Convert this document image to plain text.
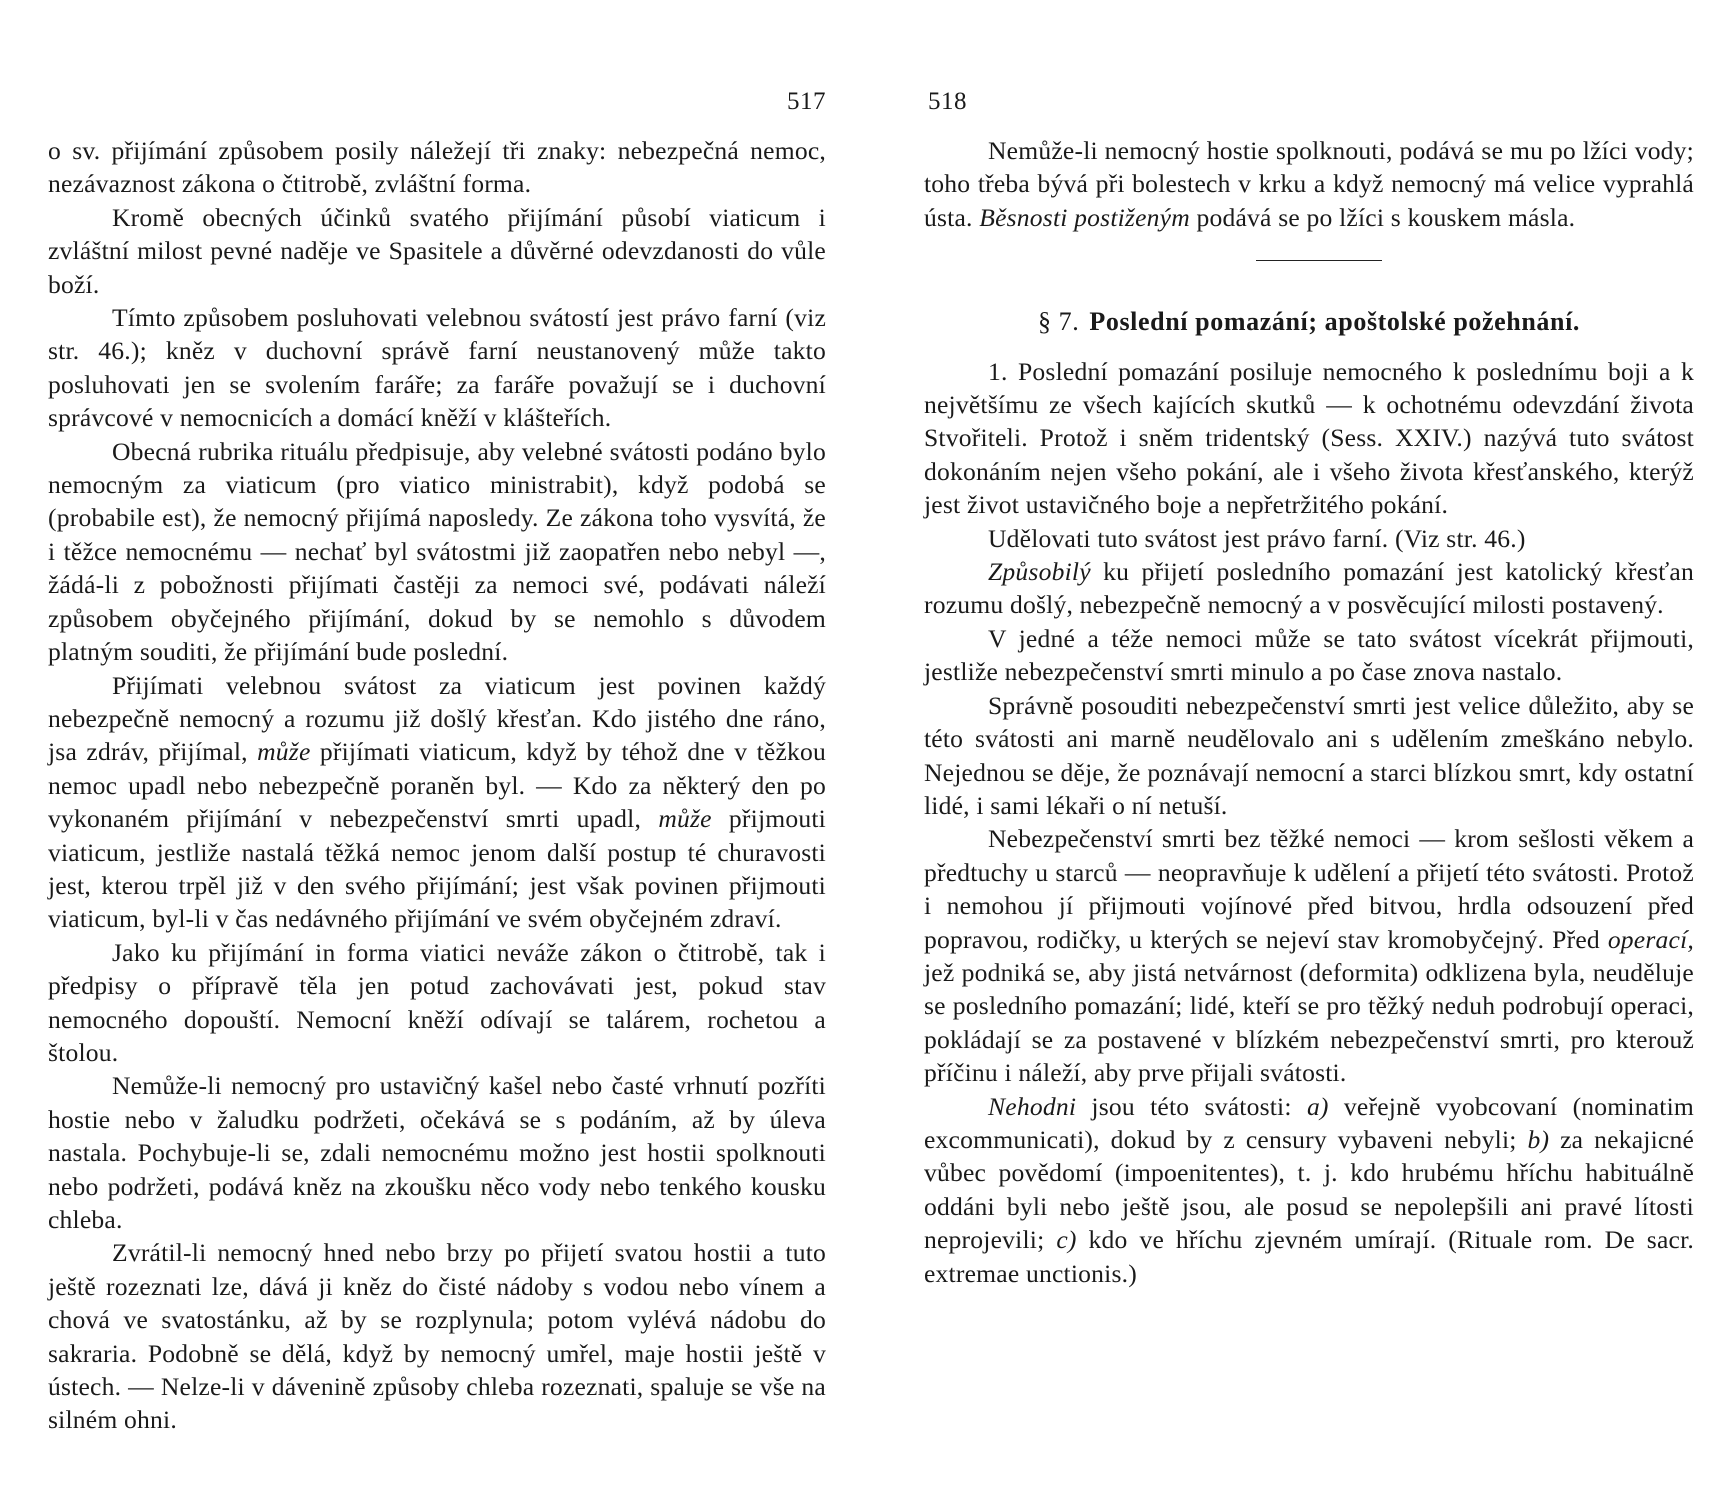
517

o sv. přijímání způsobem posily náležejí tři znaky: nebezpečná nemoc, nezávaznost zákona o čtitrobě, zvláštní forma.

Kromě obecných účinků svatého přijímání působí viaticum i zvláštní milost pevné naděje ve Spasitele a důvěrné odevzdanosti do vůle boží.

Tímto způsobem posluhovati velebnou svátostí jest právo farní (viz str. 46.); kněz v duchovní správě farní neustanovený může takto posluhovati jen se svolením faráře; za faráře považují se i duchovní správcové v nemocnicích a domácí kněží v klášteřích.

Obecná rubrika rituálu předpisuje, aby velebné svátosti podáno bylo nemocným za viaticum (pro viatico ministrabit), když podobá se (probabile est), že nemocný přijímá naposledy. Ze zákona toho vysvítá, že i těžce nemocnému — nechať byl svátostmi již zaopatřen nebo nebyl —, žádá-li z pobožnosti přijímati častěji za nemoci své, podávati náleží způsobem obyčejného přijímání, dokud by se nemohlo s důvodem platným souditi, že přijímání bude poslední.

Přijímati velebnou svátost za viaticum jest povinen každý nebezpečně nemocný a rozumu již došlý křesťan. Kdo jistého dne ráno, jsa zdráv, přijímal, může přijímati viaticum, když by téhož dne v těžkou nemoc upadl nebo nebezpečně poraněn byl. — Kdo za některý den po vykonaném přijímání v nebezpečenství smrti upadl, může přijmouti viaticum, jestliže nastalá těžká nemoc jenom další postup té churavosti jest, kterou trpěl již v den svého přijímání; jest však povinen přijmouti viaticum, byl-li v čas nedávného přijímání ve svém obyčejném zdraví.

Jako ku přijímání in forma viatici neváže zákon o čtitrobě, tak i předpisy o přípravě těla jen potud zachovávati jest, pokud stav nemocného dopouští. Nemocní kněží odívají se talárem, rochetou a štolou.

Nemůže-li nemocný pro ustavičný kašel nebo časté vrhnutí pozříti hostie nebo v žaludku podržeti, očekává se s podáním, až by úleva nastala. Pochybuje-li se, zdali nemocnému možno jest hostii spolknouti nebo podržeti, podává kněz na zkoušku něco vody nebo tenkého kousku chleba.

Zvrátil-li nemocný hned nebo brzy po přijetí svatou hostii a tuto ještě rozeznati lze, dává ji kněz do čisté nádoby s vodou nebo vínem a chová ve svatostánku, až by se rozplynula; potom vylévá nádobu do sakraria. Podobně se dělá, když by nemocný umřel, maje hostii ještě v ústech. — Nelze-li v dávenině způsoby chleba rozeznati, spaluje se vše na silném ohni.

518

Nemůže-li nemocný hostie spolknouti, podává se mu po lžíci vody; toho třeba bývá při bolestech v krku a když nemocný má velice vyprahlá ústa. Běsnosti postiženým podává se po lžíci s kouskem másla.

§ 7. Poslední pomazání; apoštolské požehnání.

1. Poslední pomazání posiluje nemocného k poslednímu boji a k největšímu ze všech kajících skutků — k ochotnému odevzdání života Stvořiteli. Protož i sněm tridentský (Sess. XXIV.) nazývá tuto svátost dokonáním nejen všeho pokání, ale i všeho života křesťanského, kterýž jest život ustavičného boje a nepřetržitého pokání.

Udělovati tuto svátost jest právo farní. (Viz str. 46.)

Způsobilý ku přijetí posledního pomazání jest katolický křesťan rozumu došlý, nebezpečně nemocný a v posvěcující milosti postavený.

V jedné a téže nemoci může se tato svátost vícekrát přijmouti, jestliže nebezpečenství smrti minulo a po čase znova nastalo.

Správně posouditi nebezpečenství smrti jest velice důležito, aby se této svátosti ani marně neudělovalo ani s udělením zmeškáno nebylo. Nejednou se děje, že poznávají nemocní a starci blízkou smrt, kdy ostatní lidé, i sami lékaři o ní netuší.

Nebezpečenství smrti bez těžké nemoci — krom sešlosti věkem a předtuchy u starců — neopravňuje k udělení a přijetí této svátosti. Protož i nemohou jí přijmouti vojínové před bitvou, hrdla odsouzení před popravou, rodičky, u kterých se nejeví stav kromobyčejný. Před operací, jež podniká se, aby jistá netvárnost (deformita) odklizena byla, neuděluje se posledního pomazání; lidé, kteří se pro těžký neduh podrobují operaci, pokládají se za postavené v blízkém nebezpečenství smrti, pro kterouž příčinu i náleží, aby prve přijali svátosti.

Nehodni jsou této svátosti: a) veřejně vyobcovaní (nominatim excommunicati), dokud by z censury vybaveni nebyli; b) za nekajicné vůbec povědomí (impoenitentes), t. j. kdo hrubému hříchu habituálně oddáni byli nebo ještě jsou, ale posud se nepolepšili ani pravé lítosti neprojevili; c) kdo ve hříchu zjevném umírají. (Rituale rom. De sacr. extremae unctionis.)
